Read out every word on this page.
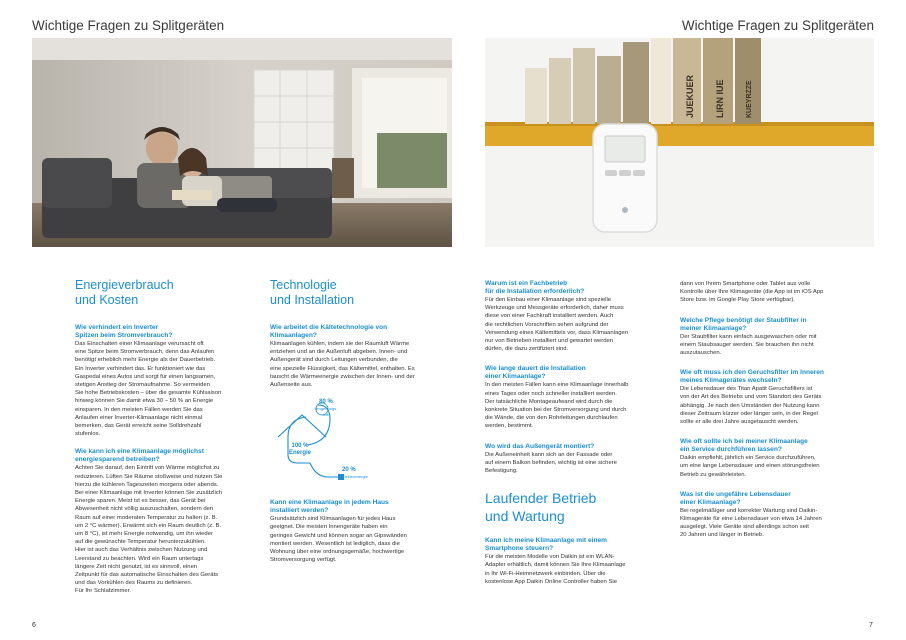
Wichtige Fragen zu Splitgeräten	Wichtige Fragen zu Splitgeräten
JUEKUER LIRN IUE	KUEYRZZE
Energieverbrauch
und Kosten
Wie verhindert ein Inverter
Spitzen beim Stromverbrauch?

Das Einschalten einer Klimaanlage verursacht oft

eine Spitze beim Stromverbrauch, denn das Anlaufen

benötigt erheblich mehr Energie als der Dauerbetrieb.

Ein Inverter verhindert das. Er funktioniert wie das

Gaspedal eines Autos und sorgt für einen langsamen,

stetigen Anstieg der Stromaufnahme. So vermeiden

Sie hohe Betriebskosten – über die gesamte Kühlsaison

hinweg können Sie damit etwa 30 – 50 % an Energie

einsparen. In den meisten Fällen werden Sie das

Anlaufen einer Inverter-Klimaanlage nicht einmal

bemerken, das Gerät erreicht seine Solldrehzahl

stufenlos.

Wie kann ich eine Klimaanlage möglichst
energiesparend betreiben?

Achten Sie darauf, den Eintritt von Wärme möglichst zu

reduzieren. Lüften Sie Räume stoßweise und nutzen Sie

hierzu die kühleren Tageszeiten morgens oder abends.

Bei einer Klimaanlage mit Inverter können Sie zusätzlich

Energie sparen. Meist ist es besser, das Gerät bei

Abwesenheit nicht völlig auszuschalten, sondern den

Raum auf einer moderaten Temperatur zu halten (z. B.

um 2 °C wärmer). Erwärmt sich ein Raum deutlich (z. B.

um 8 °C), ist mehr Energie notwendig, um ihn wieder

auf die gewünschte Temperatur herunterzukühlen.

Hier ist auch das Verhältnis zwischen Nutzung und

Leerstand zu beachten. Wird ein Raum untertags

längere Zeit nicht genutzt, ist es sinnvoll, einen

Zeitpunkt für das automatische Einschalten des Geräts

und das Vorkühlen des Raums zu definieren.

Für Ihr Schlafzimmer.

Technologie
und Installation
Wie arbeitet die Kältetechnologie von
Klimaanlagen?

Klimaanlagen kühlen, indem sie der Raumluft Wärme

entziehen und an die Außenluft abgeben. Innen- und

Außengerät sind durch Leitungen verbunden, die

eine spezielle Flüssigkeit, das Kältemittel, enthalten. Es

tauscht die Wärmeenergie zwischen der Innen- und der

Außenseite aus.

80 %
Umgebungs-
luft
100 %
Energie
20 %
Elektroenergie
Kann eine Klimaanlage in jedem Haus
installiert werden?

Grundsätzlich sind Klimaanlagen für jedes Haus

geeignet. Die meisten Innengeräte haben ein

geringes Gewicht und können sogar an Gipswänden

montiert werden. Wesentlich ist lediglich, dass die

Wohnung über eine ordnungsgemäße, hochwertige

Stromversorgung verfügt.

Warum ist ein Fachbetrieb
für die Installation erforderlich?

Für den Einbau einer Klimaanlage sind spezielle

Werkzeuge und Messgeräte erforderlich, daher muss

diese von einer Fachkraft installiert werden. Auch

die rechtlichen Vorschriften sehen aufgrund der

Verwendung eines Kältemittels vor, dass Klimaanlagen

nur von Betrieben installiert und gewartet werden

dürfen, die dazu zertifiziert sind.

Wie lange dauert die Installation
einer Klimaanlage?

In den meisten Fällen kann eine Klimaanlage innerhalb

eines Tages oder noch schneller installiert werden.

Der tatsächliche Montageaufwand wird durch die

konkrete Situation bei der Stromversorgung und durch

die Wände, die von den Rohrleitungen durchlaufen

werden, bestimmt.

Wo wird das Außengerät montiert?

Die Außeneinheit kann sich an der Fassade oder

auf einem Balkon befinden, wichtig ist eine sichere

Befestigung.

Laufender Betrieb
und Wartung
Kann ich meine Klimaanlage mit einem
Smartphone steuern?

Für die meisten Modelle von Daikin ist ein WLAN-

Adapter erhältlich, damit können Sie Ihre Klimaanlage

in Ihr Wi-Fi-Heimnetzwerk einbinden. Über die

kostenlose App Daikin Online Controller haben Sie

dann von Ihrem Smartphone oder Tablet aus volle

Kontrolle über Ihre Klimageräte (die App ist im iOS App

Store bzw. im Google Play Store verfügbar).

Welche Pflege benötigt der Staubfilter in
meiner Klimaanlage?

Der Staubfilter kann einfach ausgewaschen oder mit

einem Staubsauger werden. Sie brauchen ihn nicht

auszutauschen.

Wie oft muss ich den Geruchsfilter im Inneren
meines Klimagerätes wechseln?

Die Lebensdauer des Titan Apatit Geruchsfilters ist

von der Art des Betriebs und vom Standort des Geräts

abhängig. Je nach den Umständen der Nutzung kann

dieser Zeitraum kürzer oder länger sein, in der Regel

sollte er alle drei Jahre ausgetauscht werden.

Wie oft sollte ich bei meiner Klimaanlage
ein Service durchführen lassen?

Daikin empfiehlt, jährlich ein Service durchzuführen,

um eine lange Lebensdauer und einen störungsfreien

Betrieb zu gewährleisten.

Was ist die ungefähre Lebensdauer
einer Klimaanlage?

Bei regelmäßiger und korrekter Wartung sind Daikin-

Klimageräte für eine Lebensdauer von etwa 14 Jahren

ausgelegt. Viele Geräte sind allerdings schon seit

20 Jahren und länger in Betrieb.

6	7
